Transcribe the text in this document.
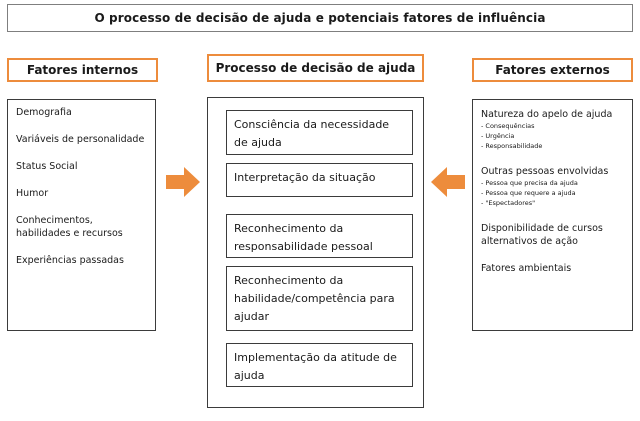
O processo de decisão de ajuda e potenciais fatores de influência
Fatores internos	Processo de decisão de ajuda	Fatores externos
Demografia
Variáveis de personalidade
Status Social
Humor
Conhecimentos, habilidades e recursos
Experiências passadas
Consciência da necessidade de ajuda
Interpretação da situação
Reconhecimento da responsabilidade pessoal
Reconhecimento da habilidade/competência para ajudar
Implementação da atitude de ajuda
Natureza do apelo de ajuda
- Consequências
- Urgência
- Responsabilidade
Outras pessoas envolvidas
- Pessoa que precisa da ajuda
- Pessoa que requere a ajuda
- "Espectadores"
Disponibilidade de cursos alternativos de ação
Fatores ambientais
